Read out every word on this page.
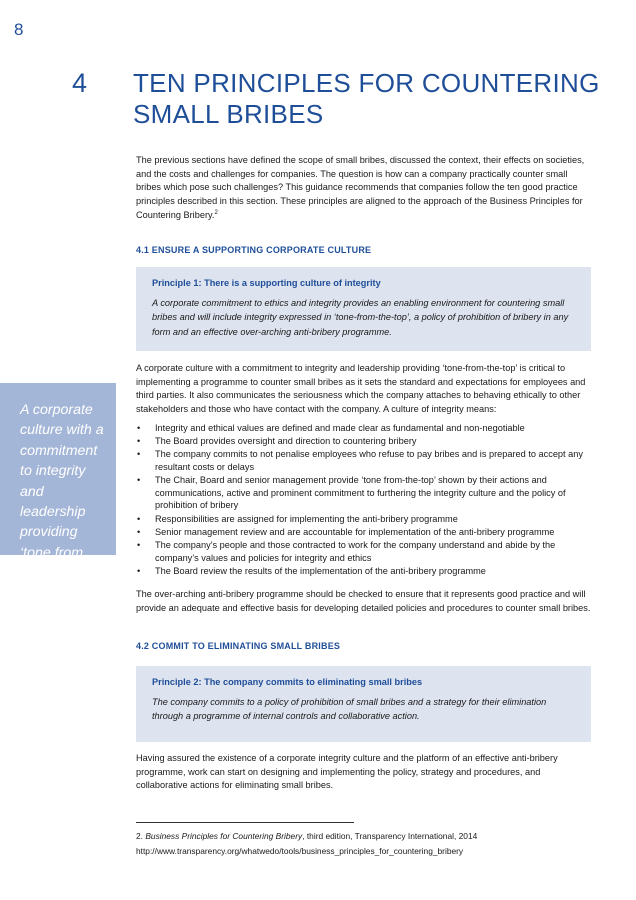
8
4 TEN PRINCIPLES FOR COUNTERING SMALL BRIBES

The previous sections have defined the scope of small bribes, discussed the context, their effects on societies, and the costs and challenges for companies. The question is how can a company practically counter small bribes which pose such challenges? This guidance recommends that companies follow the ten good practice principles described in this section. These principles are aligned to the approach of the Business Principles for Countering Bribery.$^2$

4.1 ENSURE A SUPPORTING CORPORATE CULTURE
Principle 1: There is a supporting culture of integrity
A corporate commitment to ethics and integrity provides an enabling environment for countering small bribes and will include integrity expressed in ‘tone-from-the-top’, a policy of prohibition of bribery in any form and an effective over-arching anti-bribery programme.

A corporate culture with a commitment to integrity and leadership providing ‘tone-from-the-top’ is critical to implementing a programme to counter small bribes as it sets the standard and expectations for employees and third parties. It also communicates the seriousness which the company attaches to behaving ethically to other stakeholders and those who have contact with the company. A culture of integrity means:

A corporate culture with a commitment to integrity and leadership providing ‘tone from the top’ is critical
• Integrity and ethical values are defined and made clear as fundamental and non-negotiable
• The Board provides oversight and direction to countering bribery
• The company commits to not penalise employees who refuse to pay bribes and is prepared to accept any resultant costs or delays
• The Chair, Board and senior management provide ‘tone from-the-top’ shown by their actions and communications, active and prominent commitment to furthering the integrity culture and the policy of prohibition of bribery
• Responsibilities are assigned for implementing the anti-bribery programme
• Senior management review and are accountable for implementation of the anti-bribery programme
• The company’s people and those contracted to work for the company understand and abide by the company’s values and policies for integrity and ethics
• The Board review the results of the implementation of the anti-bribery programme

The over-arching anti-bribery programme should be checked to ensure that it represents good practice and will provide an adequate and effective basis for developing detailed policies and procedures to counter small bribes.

4.2 COMMIT TO ELIMINATING SMALL BRIBES
Principle 2: The company commits to eliminating small bribes
The company commits to a policy of prohibition of small bribes and a strategy for their elimination through a programme of internal controls and collaborative action.

Having assured the existence of a corporate integrity culture and the platform of an effective anti-bribery programme, work can start on designing and implementing the policy, strategy and procedures, and collaborative actions for eliminating small bribes.

2. Business Principles for Countering Bribery, third edition, Transparency International, 2014
http://www.transparency.org/whatwedo/tools/business_principles_for_countering_bribery
